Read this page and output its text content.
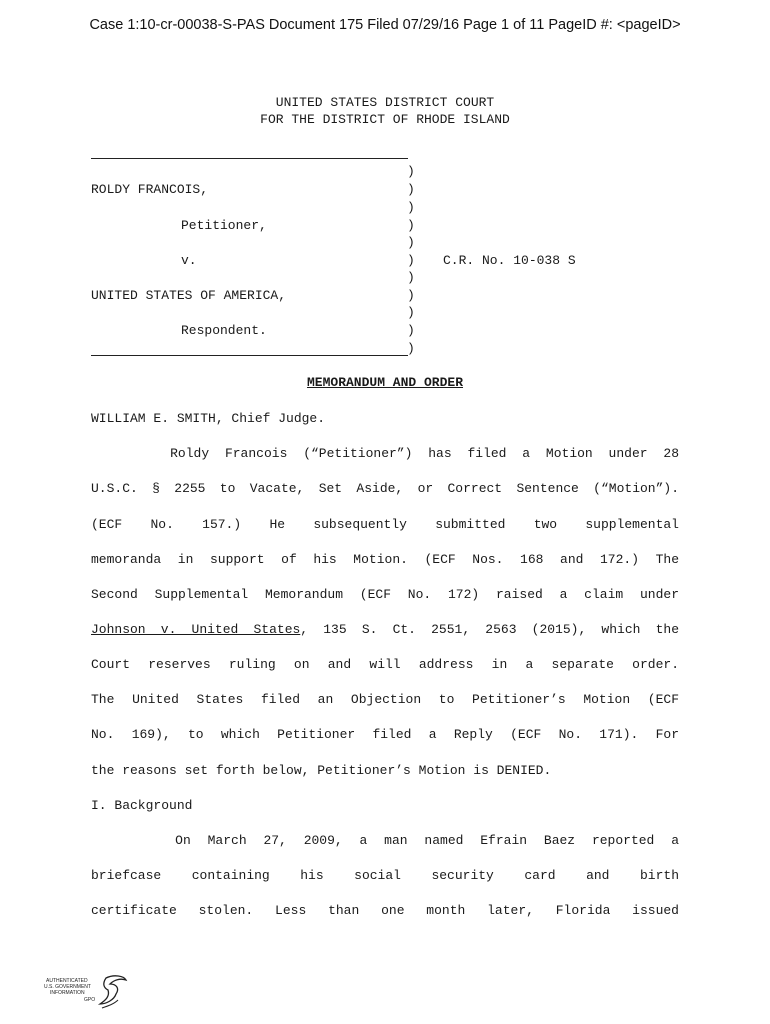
Case 1:10-cr-00038-S-PAS Document 175 Filed 07/29/16 Page 1 of 11 PageID #: <pageID>
UNITED STATES DISTRICT COURT
FOR THE DISTRICT OF RHODE ISLAND
ROLDY FRANCOIS,
Petitioner,
v.
UNITED STATES OF AMERICA,
Respondent.
C.R. No. 10-038 S
)
)
)
)
)
)
)
)
)
)
)
MEMORANDUM AND ORDER
WILLIAM E. SMITH, Chief Judge.
Roldy Francois (“Petitioner”) has filed a Motion under 28
U.S.C. § 2255 to Vacate, Set Aside, or Correct Sentence (“Motion”).
(ECF No. 157.) He subsequently submitted two supplemental
memoranda in support of his Motion. (ECF Nos. 168 and 172.) The
Second Supplemental Memorandum (ECF No. 172) raised a claim under
Johnson v. United States, 135 S. Ct. 2551, 2563 (2015), which the
Court reserves ruling on and will address in a separate order.
The United States filed an Objection to Petitioner’s Motion (ECF
No. 169), to which Petitioner filed a Reply (ECF No. 171). For
the reasons set forth below, Petitioner’s Motion is DENIED.
I. Background
On March 27, 2009, a man named Efrain Baez reported a
briefcase containing his social security card and birth
certificate stolen. Less than one month later, Florida issued
AUTHENTICATED
U.S. GOVERNMENT
INFORMATION
GPO
